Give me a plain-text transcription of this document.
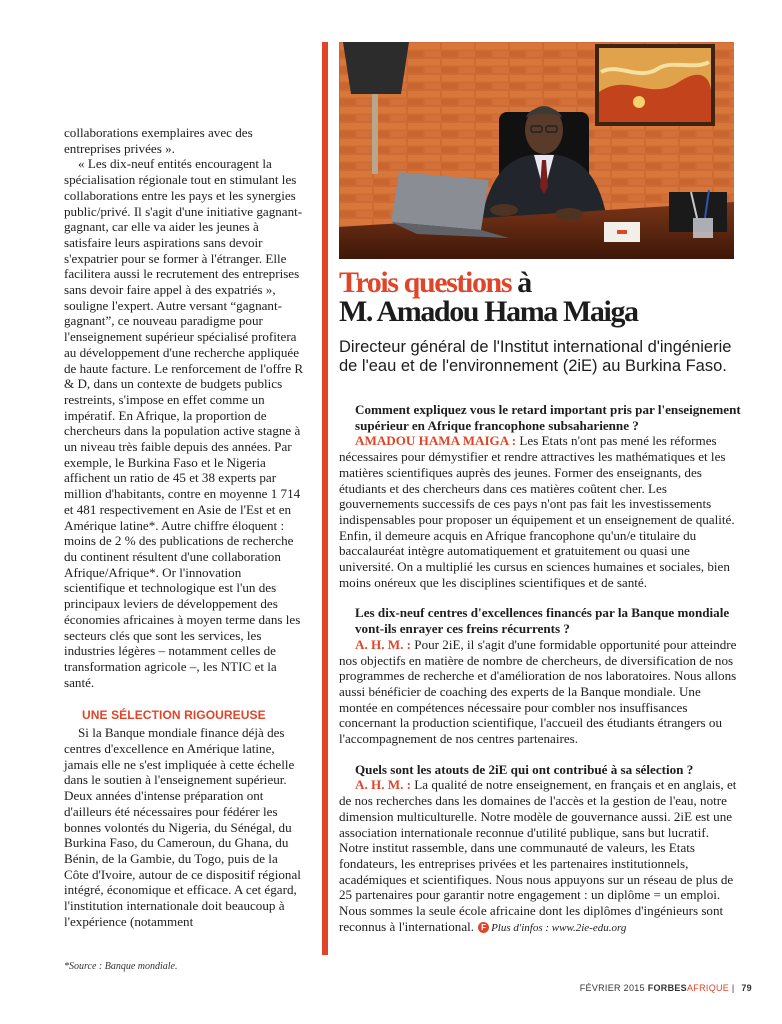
collaborations exemplaires avec des entreprises privées ».

« Les dix-neuf entités encouragent la spécialisation régionale tout en stimulant les collaborations entre les pays et les synergies public/privé. Il s'agit d'une initiative gagnant-gagnant, car elle va aider les jeunes à satisfaire leurs aspirations sans devoir s'expatrier pour se former à l'étranger. Elle facilitera aussi le recrutement des entreprises sans devoir faire appel à des expatriés », souligne l'expert. Autre versant “gagnant-gagnant”, ce nouveau paradigme pour l'enseignement supérieur spécialisé profitera au développement d'une recherche appliquée de haute facture. Le renforcement de l'offre R & D, dans un contexte de budgets publics restreints, s'impose en effet comme un impératif. En Afrique, la proportion de chercheurs dans la population active stagne à un niveau très faible depuis des années. Par exemple, le Burkina Faso et le Nigeria affichent un ratio de 45 et 38 experts par million d'habitants, contre en moyenne 1 714 et 481 respectivement en Asie de l'Est et en Amérique latine*. Autre chiffre éloquent : moins de 2 % des publications de recherche du continent résultent d'une collaboration Afrique/Afrique*. Or l'innovation scientifique et technologique est l'un des principaux leviers de développement des économies africaines à moyen terme dans les secteurs clés que sont les services, les industries légères – notamment celles de transformation agricole –, les NTIC et la santé.

UNE SÉLECTION RIGOUREUSE

Si la Banque mondiale finance déjà des centres d'excellence en Amérique latine, jamais elle ne s'est impliquée à cette échelle dans le soutien à l'enseignement supérieur. Deux années d'intense préparation ont d'ailleurs été nécessaires pour fédérer les bonnes volontés du Nigeria, du Sénégal, du Burkina Faso, du Cameroun, du Ghana, du Bénin, de la Gambie, du Togo, puis de la Côte d'Ivoire, autour de ce dispositif régional intégré, économique et efficace. A cet égard, l'institution internationale doit beaucoup à l'expérience (notamment

*Source : Banque mondiale.
Trois questions à
M. Amadou Hama Maiga

Directeur général de l'Institut international d'ingénierie de l'eau et de l'environnement (2iE) au Burkina Faso.

Comment expliquez vous le retard important pris par l'enseignement supérieur en Afrique francophone subsaharienne ?

AMADOU HAMA MAIGA : Les Etats n'ont pas mené les réformes nécessaires pour démystifier et rendre attractives les mathématiques et les matières scientifiques auprès des jeunes. Former des enseignants, des étudiants et des chercheurs dans ces matières coûtent cher. Les gouvernements successifs de ces pays n'ont pas fait les investissements indispensables pour proposer un équipement et un enseignement de qualité. Enfin, il demeure acquis en Afrique francophone qu'un/e titulaire du baccalauréat intègre automatiquement et gratuitement ou quasi une université. On a multiplié les cursus en sciences humaines et sociales, bien moins onéreux que les disciplines scientifiques et de santé.

Les dix-neuf centres d'excellences financés par la Banque mondiale vont-ils enrayer ces freins récurrents ?

A. H. M. : Pour 2iE, il s'agit d'une formidable opportunité pour atteindre nos objectifs en matière de nombre de chercheurs, de diversification de nos programmes de recherche et d'amélioration de nos laboratoires. Nous allons aussi bénéficier de coaching des experts de la Banque mondiale. Une montée en compétences nécessaire pour combler nos insuffisances concernant la production scientifique, l'accueil des étudiants étrangers ou l'accompagnement de nos centres partenaires.

Quels sont les atouts de 2iE qui ont contribué à sa sélection ?

A. H. M. : La qualité de notre enseignement, en français et en anglais, et de nos recherches dans les domaines de l'accès et la gestion de l'eau, notre dimension multiculturelle. Notre modèle de gouvernance aussi. 2iE est une association internationale reconnue d'utilité publique, sans but lucratif. Notre institut rassemble, dans une communauté de valeurs, les Etats fondateurs, les entreprises privées et les partenaires institutionnels, académiques et scientifiques. Nous nous appuyons sur un réseau de plus de 25 partenaires pour garantir notre engagement : un diplôme = un emploi. Nous sommes la seule école africaine dont les diplômes d'ingénieurs sont reconnus à l'international. F Plus d'infos : www.2ie-edu.org

FÉVRIER 2015 FORBESAFRIQUE | 79
